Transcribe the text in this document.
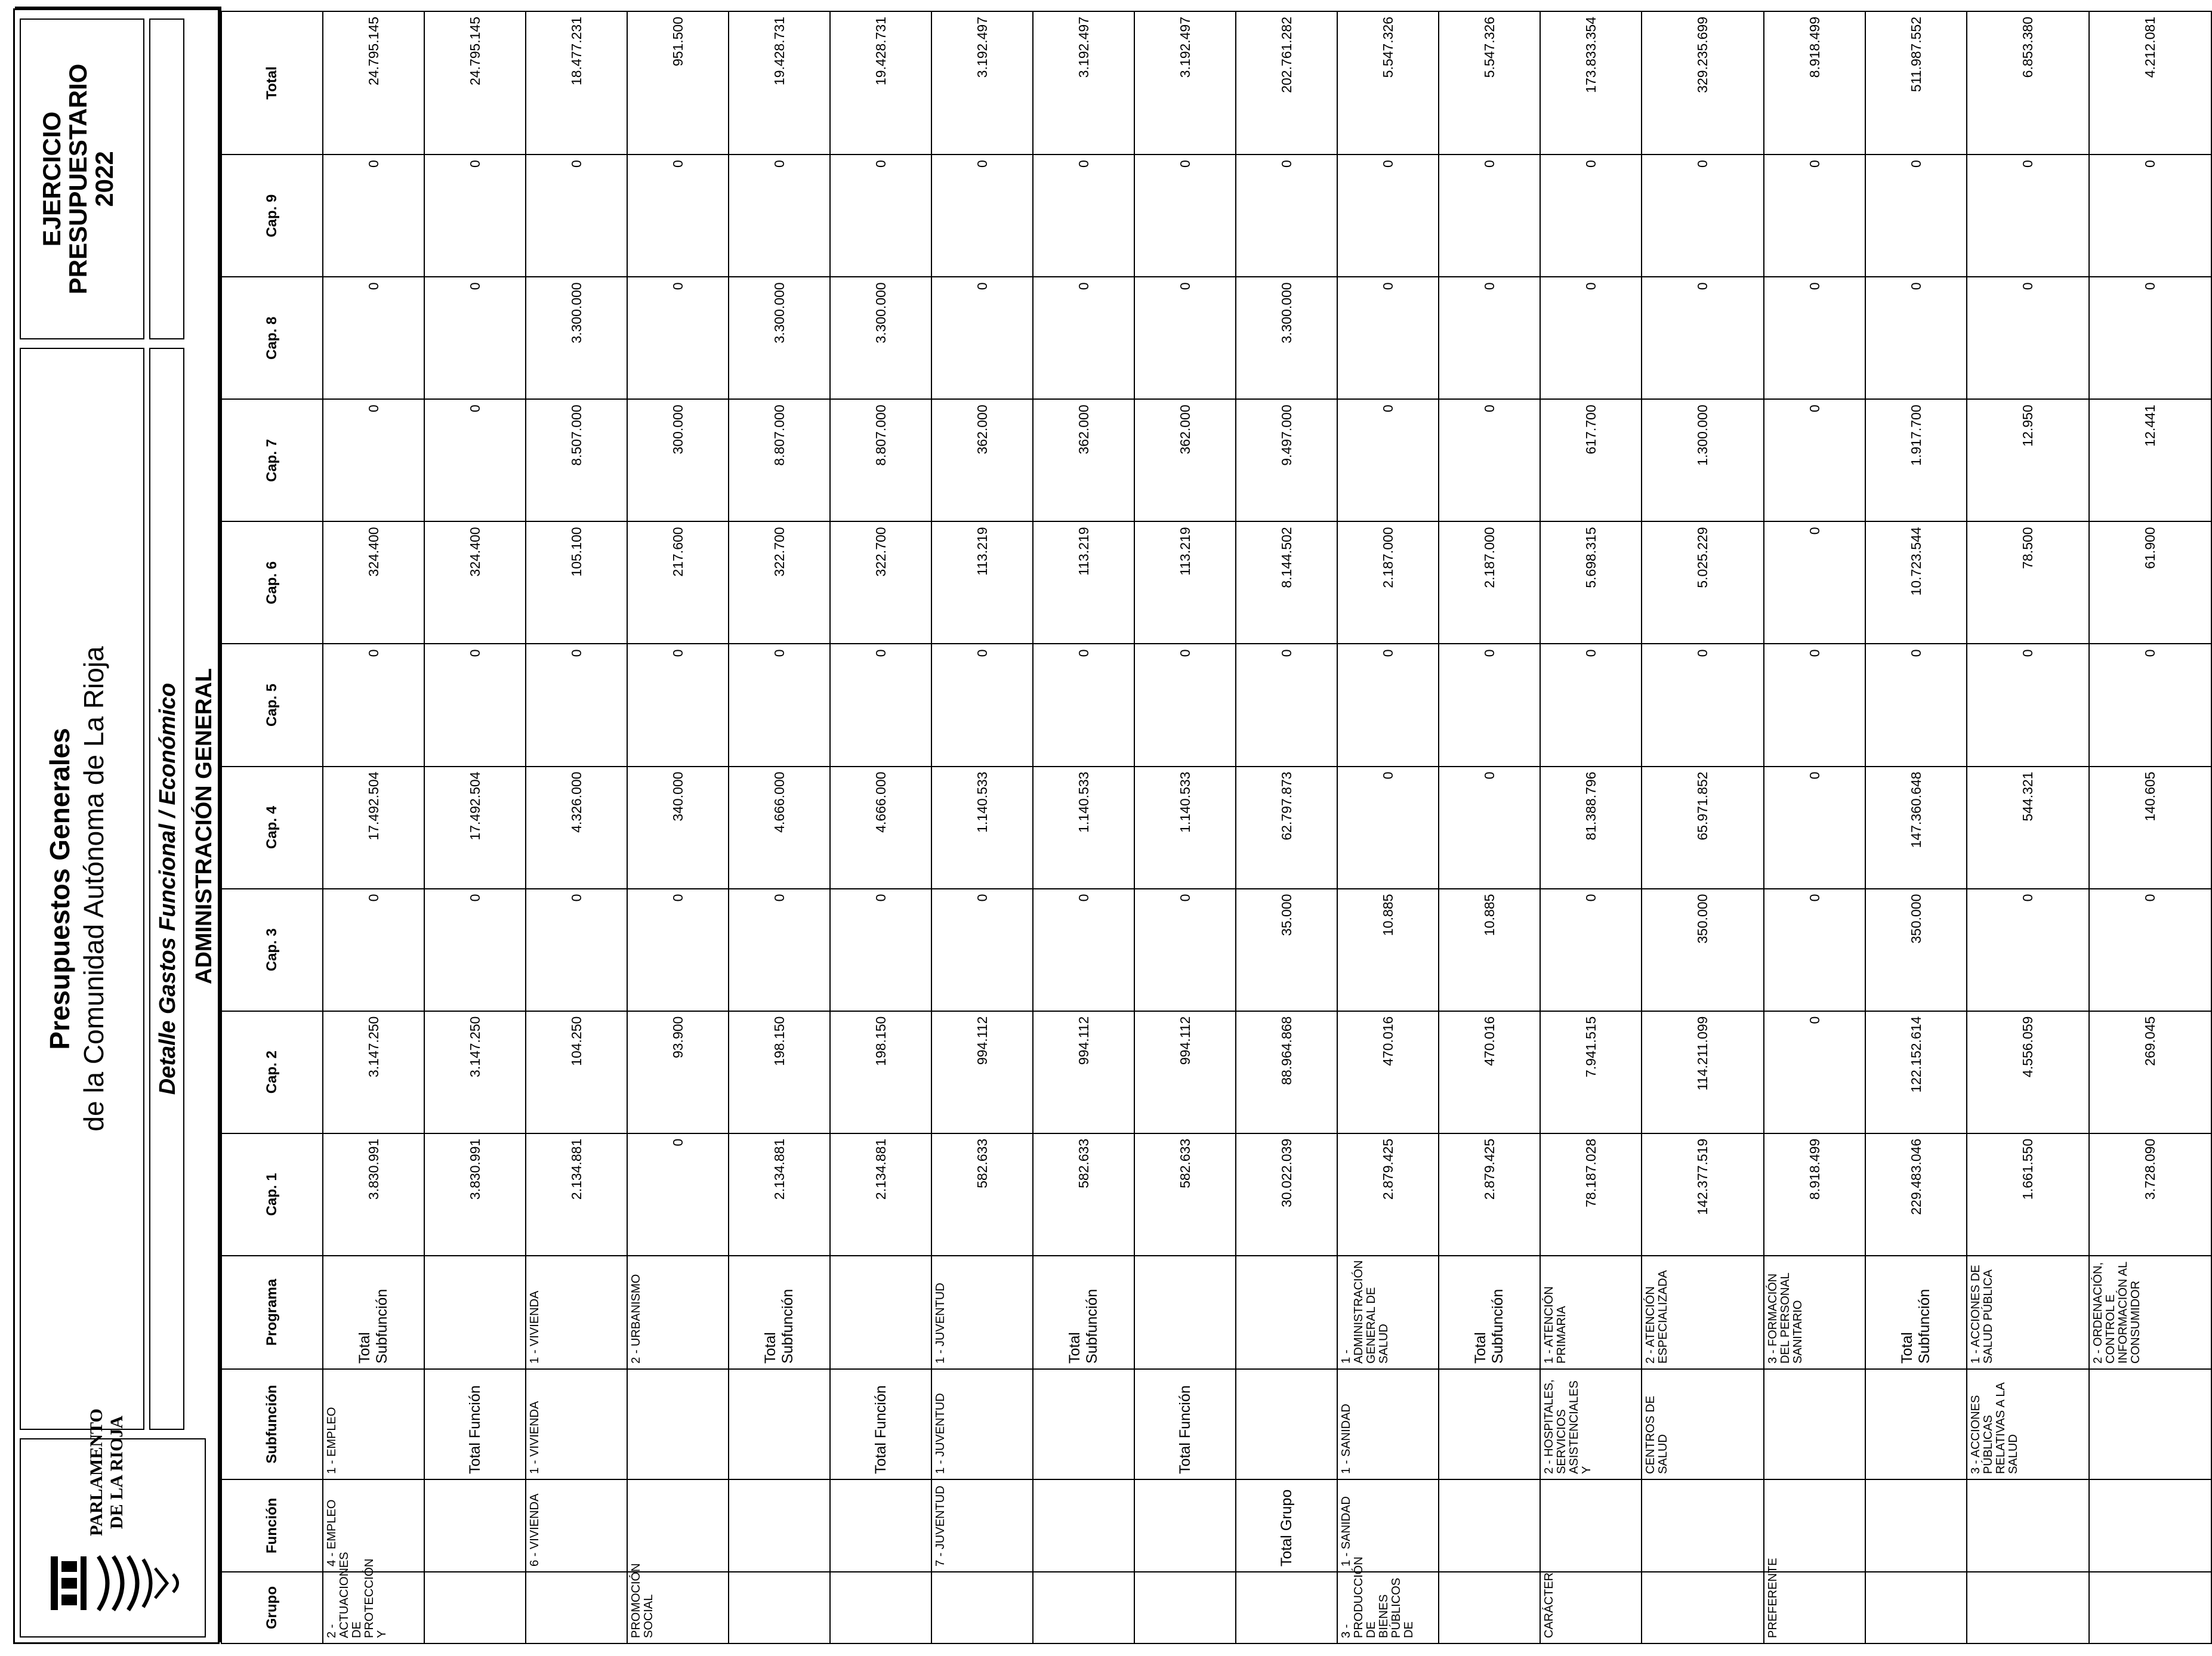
PARLAMENTO DE LA RIOJA
Presupuestos Generales de la Comunidad Autónoma de La Rioja Detalle Gastos Funcional / Económico
EJERCICIO
PRESUPUESTARIO
2022
ADMINISTRACIÓN GENERAL
Grupo	Función	Subfunción	Programa	Cap. 1	Cap. 2	Cap. 3	Cap. 4	Cap. 5	Cap. 6	Cap. 7	Cap. 8	Cap. 9	Total
2 - ACTUACIONES DE PROTECCIÓN Y	4 - EMPLEO	1 - EMPLEO	Total Subfunción	3.830.991	3.147.250	0	17.492.504	0	324.400	0	0	0	24.795.145
		Total Función		3.830.991	3.147.250	0	17.492.504	0	324.400	0	0	0	24.795.145
	6 - VIVIENDA	1 - VIVIENDA	1 - VIVIENDA	2.134.881	104.250	0	4.326.000	0	105.100	8.507.000	3.300.000	0	18.477.231
PROMOCIÓN SOCIAL			2 - URBANISMO	0	93.900	0	340.000	0	217.600	300.000	0	0	951.500
			Total Subfunción	2.134.881	198.150	0	4.666.000	0	322.700	8.807.000	3.300.000	0	19.428.731
		Total Función		2.134.881	198.150	0	4.666.000	0	322.700	8.807.000	3.300.000	0	19.428.731
	7 - JUVENTUD	1 - JUVENTUD	1 - JUVENTUD	582.633	994.112	0	1.140.533	0	113.219	362.000	0	0	3.192.497
			Total Subfunción	582.633	994.112	0	1.140.533	0	113.219	362.000	0	0	3.192.497
		Total Función		582.633	994.112	0	1.140.533	0	113.219	362.000	0	0	3.192.497
	Total Grupo			30.022.039	88.964.868	35.000	62.797.873	0	8.144.502	9.497.000	3.300.000	0	202.761.282
3 - PRODUCCIÓN DE BIENES PÚBLICOS DE	1 - SANIDAD	1 - SANIDAD	1 - ADMINISTRACIÓN GENERAL DE SALUD	2.879.425	470.016	10.885	0	0	2.187.000	0	0	0	5.547.326
			Total Subfunción	2.879.425	470.016	10.885	0	0	2.187.000	0	0	0	5.547.326
CARÁCTER		2 - HOSPITALES, SERVICIOS ASISTENCIALES Y	1 - ATENCIÓN PRIMARIA	78.187.028	7.941.515	0	81.388.796	0	5.698.315	617.700	0	0	173.833.354
		CENTROS DE SALUD	2 - ATENCIÓN ESPECIALIZADA	142.377.519	114.211.099	350.000	65.971.852	0	5.025.229	1.300.000	0	0	329.235.699
PREFERENTE			3 - FORMACIÓN DEL PERSONAL SANITARIO	8.918.499	0	0	0	0	0	0	0	0	8.918.499
			Total Subfunción	229.483.046	122.152.614	350.000	147.360.648	0	10.723.544	1.917.700	0	0	511.987.552
		3 - ACCIONES PÚBLICAS RELATIVAS A LA SALUD	1 - ACCIONES DE SALUD PÚBLICA	1.661.550	4.556.059	0	544.321	0	78.500	12.950	0	0	6.853.380
			2 - ORDENACIÓN, CONTROL E INFORMACIÓN AL CONSUMIDOR	3.728.090	269.045	0	140.605	0	61.900	12.441	0	0	4.212.081
